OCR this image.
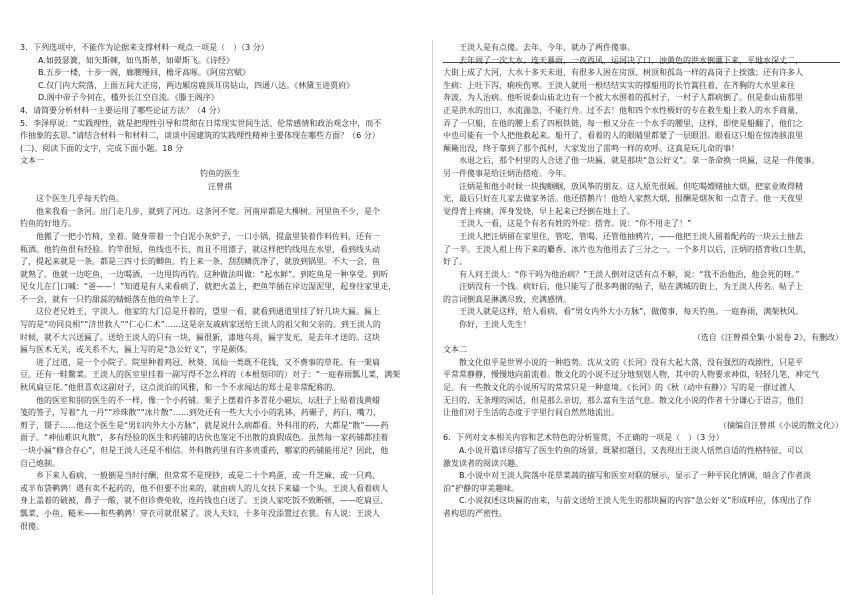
3．下列选项中，不能作为论据来支撑材料一观点一项是（　）（3 分）
A.如鼓瑟簧，如矢斯棘，如鸟斯革，如翚斯飞。《诗经》
B.五步一楼，十步一阁，廊腰缦回，檐牙高啄。《阿房宫赋》
C.仅门内大院落，上面五间大正房，两边厢房鹿顶耳房钻山，四通八达。《林黛玉进贾府》
D.阁中帝子今何在，槛外长江空自流。《滕王阁序》
4．请简要分析材料一主要运用了哪些论证方法？（4 分）
5．李泽厚说：“实践理性，就是把理性引导和贯彻在日常现实世间生活、伦常感情和政治观念中，而不
作抽象的玄思。”请结合材料一和材料二，谈谈中国建筑的实践理性精神主要体现在哪些方面？（6 分）
(二)、阅读下面的文字，完成下面小题。18 分
文本一
钓鱼的医生
汪曾祺
这个医生几乎每天钓鱼。
他来我看一条河。出门走几步，就到了河边。这条河不宽。河南岸都是大柳树。河里鱼不少，是个
钓鱼的好地方。
他搬了一把小竹椅，坐着。随身带着一个白泥小灰炉子，一口小锅，提盒里装着作料佐料，还有一
瓶酒。他钓鱼很有经验。钓竿很短，鱼线也不长，而且不用漂子，就这样把钓线甩在水里，看到线头动
了，提起来就是一条。都是三四寸长的鲫鱼。钓上来一条，刮刮鳞洗净了，就放到锅里。不大一会，鱼
就熟了。他就一边吃鱼，一边喝酒，一边甩钩再钓。这种做法叫做：“起水鲜”。到吃鱼是一种享受。到听
见女儿在门口喊：“爸——！”知道是有人来看病了，就把火盖上，把鱼竿插在岸边湿泥里，起身往家里走，
不一会，就有一只钓甜蕊的蜻蜓落在他的鱼竿上了。
这位老兄姓王，字淡人。他家的大门总是开着的，望里一看，就看到通道里挂了好几块大匾。匾上
写的是“功同良相”“济世救人”“仁心仁术”……这是亲友戚病家送给王淡人的祖父和父亲的。到王淡人的
时候，就不大兴送匾了。送给王淡人的只有一块，匾很新，漆地乌亮，匾字发光，是去年才送的。这块
匾与医术无关，或关系不大，匾上写的是“急公好义”，字是颜体。
进了过道，是一个小院子。院里种着鸡冠、秋葵、凤仙一类既不花钱，又不费事的草花。有一架扁
豆。还有一畦鳖菜。王淡人的医室里挂着一副写得不怎么样的（本根刻印的）对子：“一庭春雨瓢儿菜，满架
秋风扁豆花。”他很喜欢这副对子，这点淡泊的风雅，和一个不求闻达的郑士是非常配称的。
他的医室和别的医生的不一样，像一个小药铺。架子上摆着许多青花小磁坛，坛肚子上贴着浅黄蜡
笺的签子，写着“九一丹”“珍珠散”“冰片散”……到处还有一些大大小小的乳钵，药碾子，药臼，嘴刀，
剪子，镊子……他这个医生是“男妇内外大小方脉”，就是说什么病都看。外科用的药，大都是“散”——药
面子。“神仙难识丸散”，多有经验的医生和药铺的店伙也鉴定不出散的真假成色。虽然每一家药铺都挂着
一块小匾“修合存心”，但是王淡人还是不相信。外科散药里有许多贵重药，哪家的药铺能用足？因此，他
自己炮制。
乡下来人看病，一般倒是当时付酬，但常常不是现钞，或是二十个鸡蛋，或一升芝麻、或一只鸡、
或半布袋鹌鹑！遇有卖不起药的，他不但要不出来的，就由病人的儿女扶下来磕一个头。王淡人看着病人
身上盖着的破被，鼻子一酸，就不但诊费免收，连药钱也白送了。王淡人家吃饭不致断顿，——吃扁豆、
瓢菜、小鱼、糙米——和些鹌鹑！穿衣可就很紧了。淡人夫妇，十多年没添置过衣裳。有人说：王淡人
很傻。
王淡人是有点傻。去年、今年，就办了两件傻事。
去年闹了一次大水。连天暴雨，一夜西风，运河决了口，浊黄色的洪水倒灌下来，平地水深丈二，
大街上成了大河，大水十多天未退，有很多人困在房顶、树顶和孤岛一样的高岗子上挨饿；还有许多人
生病：上吐下泻，痢疾伤寒。王淡人就用一根结结实实的撑船用的长竹篙拄着，在齐胸的大水里来往
奔波，为人治病。他听说泰山庙北边有一个被大水围着的孤村子，一村子人都病倒了。但是泰山庙那里
正是洪水的出口，水流湍急，不能行舟。过不去！他和四个水性极好的专在救生船上救人的水手商量，
弄了一只船，在他的腰上系了四根铁链，每一根又分在一个水手的腰里，这样，即使是船翻了，他们之
中也可能有一个人把他救起来。船开了，看着的人的眼睛里都蒙了一层眼泪。眼看这只船在惊涛骇浪里
颠簸出没，终于靠到了那个孤村，大家发出了雷鸣一样的欢呼。这真是玩儿命的事！
水退之后，那个村里的人合送了他一块匾，就是那块“急公好义”。拿一条命换一块匾，这是一件傻事。
另一件傻事是给汪炳治搭疮。今年。
汪炳是和他小时候一块掏蝈蝈，放风筝的朋友。这人原先很阔。但吃喝嫖赌抽大烟，把家业败得精
光，最后只好在儿家去做家务活。他还搭鹅片！他给人家熬大烟，报酬是烟灰和一点青子。他一天夜里
觉得背上疼痛，浑身发烧，早上起来已经倒在地上了。
王淡人一看，这是个有名有姓的外症：搭背。说：“你不用走了！”
王淡人把汪炳留在家里住，管吃，管喝，还管他抽鸦片，——他把王淡人留着配药的一块云土抽去
了一半。王淡人祖上传下来的麝香、冰片也为他用去了三分之一。一个多月以后，汪炳的搭背收口生肌，
好了。
有人问王淡人：“你干吗为他治病？”王淡人倒对这话有点不解，说：“我不治他治，他会死的呀。”
汪炳没有一个钱。病好后，他只能写了很多鸣谢的帖子，贴在满城的街上，为王淡人传名。帖子上
的言词倒真是淋漓尽致，充满感情。
王淡人就是这样，给人看病，看“男女内外大小方脉”，做傻事，每天钓鱼。一庭春雨，满架秋风。
你好，王淡人先生！
（选自《汪曾祺全集·小说卷 2》，有删改）
文本二
散文化似乎是世界小说的一种趋势。沈从文的《长河》没有大起大落，没有强烈的戏剧性，只是平
平常常静静，慢慢地向前流着。散文化的小说不过分地刻划人物，其中的人物要求神似，轻轻几笔，神完气
足。有一些散文化的小说所写的常常只是一种意境。《长河》的《秋（动中有静）》写的是一群过渡人
无目的、无条理的闲话，但是那么亲切，那么富有生活气息。散文化小说的作者十分谦心于语言，他们
让他们对于生活的态度于字里行间自然然地流出。
（摘编自汪曾祺《小说的散文化》）
6．下列对文本相关内容和艺术特色的分析鉴赏，不正确的一项是（　）（3 分）
A.小说开篇详尽描写了医生钓鱼的场景，既紧扣题目，又表现出王淡人恬然自适的性格特征，可以
激发读者的阅读兴趣。
B.小说中对王淡人院落中花草菜蔬的描写和医室对联的展示，显示了一种平民化情调，暗含了作者淡
泊“护静的审美趣味。
C.小说叙述这块匾的由来，与前文送给王淡人先生的那块匾的内容“急公好义”形成呼应，体现出了作
者构思的严密性。
